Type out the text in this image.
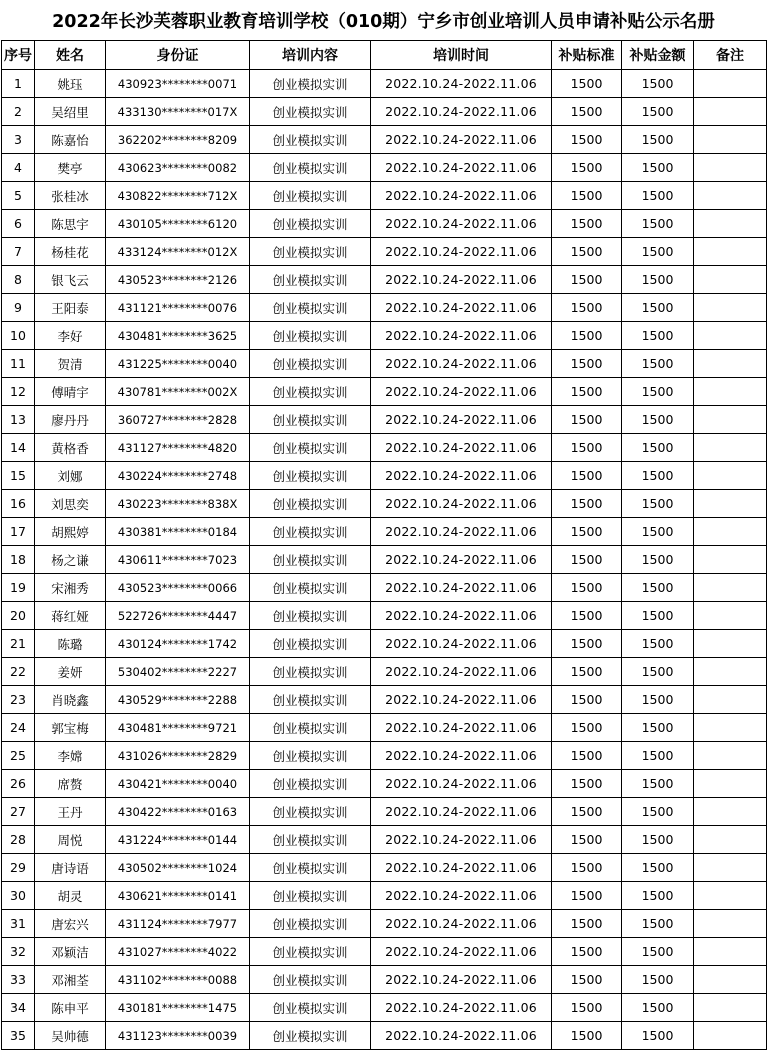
2022年长沙芙蓉职业教育培训学校（010期）宁乡市创业培训人员申请补贴公示名册
序号	姓名	身份证	培训内容	培训时间	补贴标准	补贴金额	备注
1	姚珏	430923********0071	创业模拟实训	2022.10.24-2022.11.06	1500	1500	
2	吴绍里	433130********017X	创业模拟实训	2022.10.24-2022.11.06	1500	1500	
3	陈嘉怡	362202********8209	创业模拟实训	2022.10.24-2022.11.06	1500	1500	
4	樊亭	430623********0082	创业模拟实训	2022.10.24-2022.11.06	1500	1500	
5	张桂冰	430822********712X	创业模拟实训	2022.10.24-2022.11.06	1500	1500	
6	陈思宇	430105********6120	创业模拟实训	2022.10.24-2022.11.06	1500	1500	
7	杨桂花	433124********012X	创业模拟实训	2022.10.24-2022.11.06	1500	1500	
8	银飞云	430523********2126	创业模拟实训	2022.10.24-2022.11.06	1500	1500	
9	王阳泰	431121********0076	创业模拟实训	2022.10.24-2022.11.06	1500	1500	
10	李好	430481********3625	创业模拟实训	2022.10.24-2022.11.06	1500	1500	
11	贺清	431225********0040	创业模拟实训	2022.10.24-2022.11.06	1500	1500	
12	傅晴宇	430781********002X	创业模拟实训	2022.10.24-2022.11.06	1500	1500	
13	廖丹丹	360727********2828	创业模拟实训	2022.10.24-2022.11.06	1500	1500	
14	黄格香	431127********4820	创业模拟实训	2022.10.24-2022.11.06	1500	1500	
15	刘娜	430224********2748	创业模拟实训	2022.10.24-2022.11.06	1500	1500	
16	刘思奕	430223********838X	创业模拟实训	2022.10.24-2022.11.06	1500	1500	
17	胡熙婷	430381********0184	创业模拟实训	2022.10.24-2022.11.06	1500	1500	
18	杨之谦	430611********7023	创业模拟实训	2022.10.24-2022.11.06	1500	1500	
19	宋湘秀	430523********0066	创业模拟实训	2022.10.24-2022.11.06	1500	1500	
20	蒋红娅	522726********4447	创业模拟实训	2022.10.24-2022.11.06	1500	1500	
21	陈璐	430124********1742	创业模拟实训	2022.10.24-2022.11.06	1500	1500	
22	姜妍	530402********2227	创业模拟实训	2022.10.24-2022.11.06	1500	1500	
23	肖晓鑫	430529********2288	创业模拟实训	2022.10.24-2022.11.06	1500	1500	
24	郭宝梅	430481********9721	创业模拟实训	2022.10.24-2022.11.06	1500	1500	
25	李嫦	431026********2829	创业模拟实训	2022.10.24-2022.11.06	1500	1500	
26	席赘	430421********0040	创业模拟实训	2022.10.24-2022.11.06	1500	1500	
27	王丹	430422********0163	创业模拟实训	2022.10.24-2022.11.06	1500	1500	
28	周悦	431224********0144	创业模拟实训	2022.10.24-2022.11.06	1500	1500	
29	唐诗语	430502********1024	创业模拟实训	2022.10.24-2022.11.06	1500	1500	
30	胡灵	430621********0141	创业模拟实训	2022.10.24-2022.11.06	1500	1500	
31	唐宏兴	431124********7977	创业模拟实训	2022.10.24-2022.11.06	1500	1500	
32	邓颖洁	431027********4022	创业模拟实训	2022.10.24-2022.11.06	1500	1500	
33	邓湘荃	431102********0088	创业模拟实训	2022.10.24-2022.11.06	1500	1500	
34	陈申平	430181********1475	创业模拟实训	2022.10.24-2022.11.06	1500	1500	
35	吴帅德	431123********0039	创业模拟实训	2022.10.24-2022.11.06	1500	1500	
